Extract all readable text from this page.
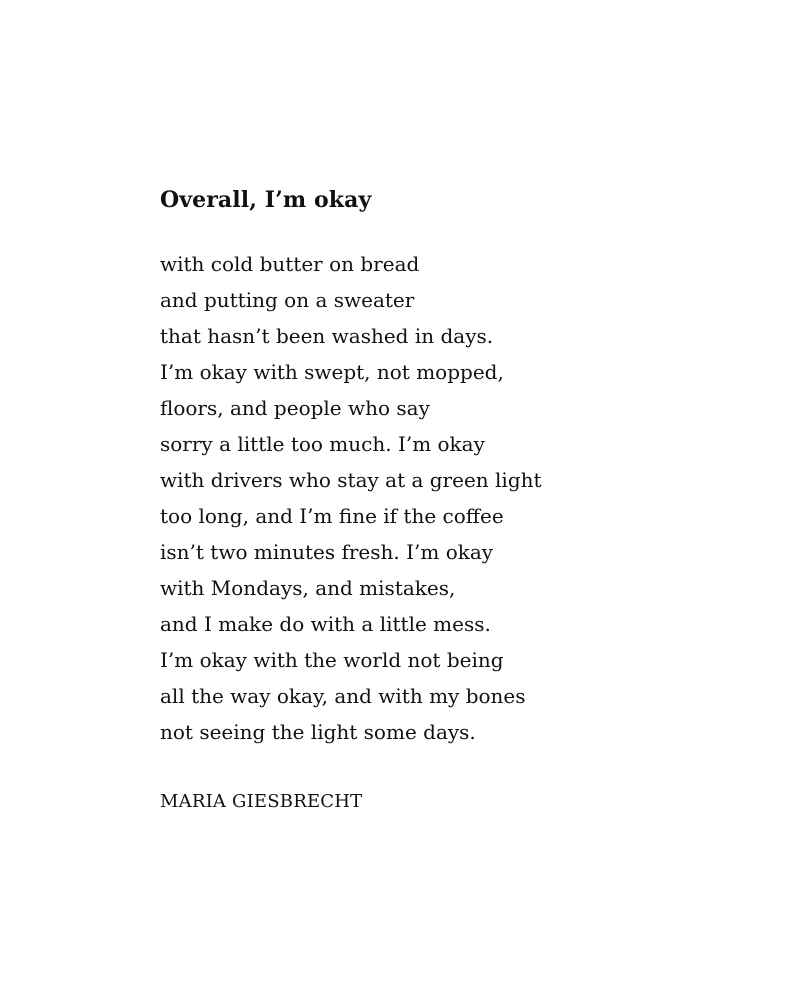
Overall, I’m okay
with cold butter on bread
and putting on a sweater
that hasn’t been washed in days.
I’m okay with swept, not mopped,
floors, and people who say
sorry a little too much. I’m okay
with drivers who stay at a green light
too long, and I’m fine if the coffee
isn’t two minutes fresh. I’m okay
with Mondays, and mistakes,
and I make do with a little mess.
I’m okay with the world not being
all the way okay, and with my bones
not seeing the light some days.

MARIA GIESBRECHT
